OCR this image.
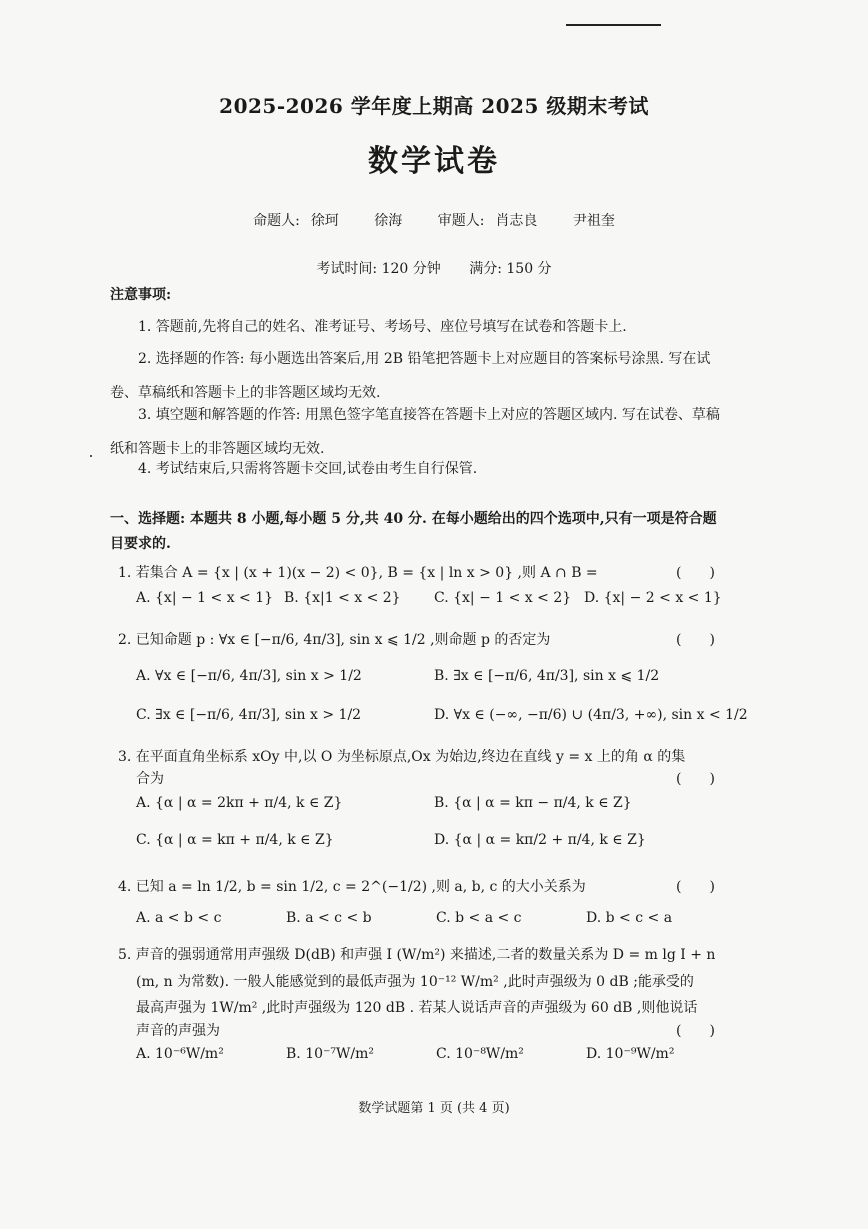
2025-2026 学年度上期高 2025 级期末考试
数学试卷
命题人: 徐珂	徐海	审题人: 肖志良	尹祖奎
考试时间: 120 分钟 满分: 150 分
注意事项:
1. 答题前,先将自己的姓名、准考证号、考场号、座位号填写在试卷和答题卡上.
2. 选择题的作答: 每小题选出答案后,用 2B 铅笔把答题卡上对应题目的答案标号涂黑. 写在试卷、草稿纸和答题卡上的非答题区域均无效.
3. 填空题和解答题的作答: 用黑色签字笔直接答在答题卡上对应的答题区域内. 写在试卷、草稿纸和答题卡上的非答题区域均无效.
4. 考试结束后,只需将答题卡交回,试卷由考生自行保管.
一、选择题: 本题共 8 小题,每小题 5 分,共 40 分. 在每小题给出的四个选项中,只有一项是符合题目要求的.
1. 若集合 A = {x | (x + 1)(x − 2) < 0}, B = {x | ln x > 0} ,则 A ∩ B =	(　　)
A. {x| − 1 < x < 1} B. {x|1 < x < 2} C. {x| − 1 < x < 2} D. {x| − 2 < x < 1}
2. 已知命题 p : ∀x ∈ [−π/6, 4π/3], sin x ⩽ 1/2 ,则命题 p 的否定为	(　　)
A. ∀x ∈ [−π/6, 4π/3], sin x > 1/2	B. ∃x ∈ [−π/6, 4π/3], sin x ⩽ 1/2
C. ∃x ∈ [−π/6, 4π/3], sin x > 1/2	D. ∀x ∈ (−∞, −π/6) ∪ (4π/3, +∞), sin x < 1/2
3. 在平面直角坐标系 xOy 中,以 O 为坐标原点,Ox 为始边,终边在直线 y = x 上的角 α 的集
合为	(　　)
A. {α | α = 2kπ + π/4, k ∈ Z}	B. {α | α = kπ − π/4, k ∈ Z}
C. {α | α = kπ + π/4, k ∈ Z}	D. {α | α = kπ/2 + π/4, k ∈ Z}
4. 已知 a = ln 1/2, b = sin 1/2, c = 2^(−1/2) ,则 a, b, c 的大小关系为	(　　)
A. a < b < c	B. a < c < b	C. b < a < c	D. b < c < a
5. 声音的强弱通常用声强级 D(dB) 和声强 I (W/m²) 来描述,二者的数量关系为 D = m lg I + n
(m, n 为常数). 一般人能感觉到的最低声强为 10⁻¹² W/m² ,此时声强级为 0 dB ;能承受的
最高声强为 1W/m² ,此时声强级为 120 dB . 若某人说话声音的声强级为 60 dB ,则他说话
声音的声强为	(　　)
A. 10⁻⁶W/m²	B. 10⁻⁷W/m²	C. 10⁻⁸W/m²	D. 10⁻⁹W/m²
数学试题第 1 页 (共 4 页)
